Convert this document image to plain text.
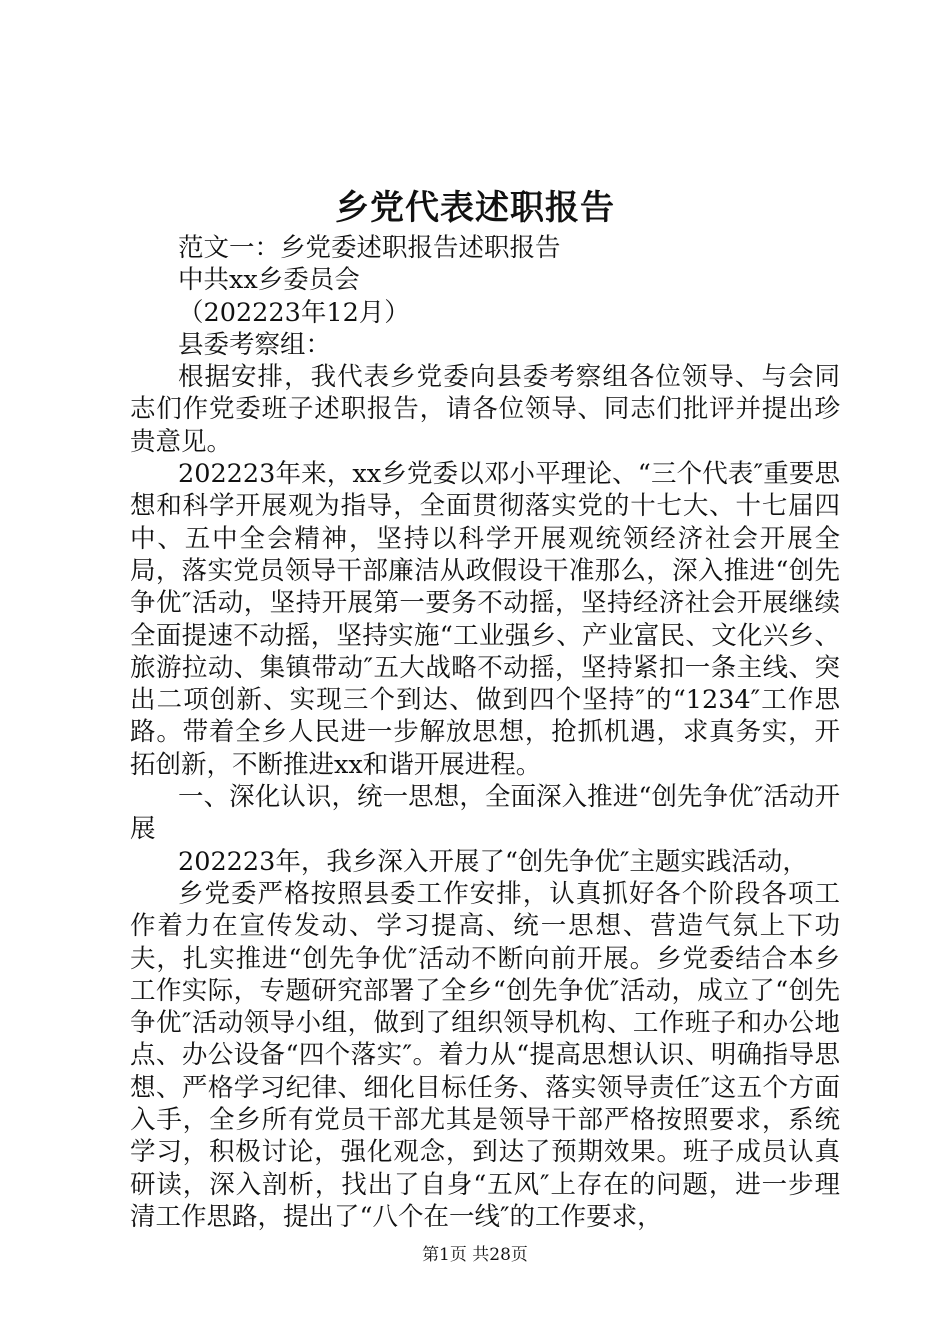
乡党代表述职报告

范文一：乡党委述职报告述职报告

中共xx乡委员会

（202223年12月）

县委考察组：

根据安排，我代表乡党委向县委考察组各位领导、与会同志们作党委班子述职报告，请各位领导、同志们批评并提出珍贵意见。

202223年来，xx乡党委以邓小平理论、“三个代表″重要思想和科学开展观为指导，全面贯彻落实党的十七大、十七届四中、五中全会精神，坚持以科学开展观统领经济社会开展全局，落实党员领导干部廉洁从政假设干准那么，深入推进“创先争优″活动，坚持开展第一要务不动摇，坚持经济社会开展继续全面提速不动摇，坚持实施“工业强乡、产业富民、文化兴乡、旅游拉动、集镇带动″五大战略不动摇，坚持紧扣一条主线、突出二项创新、实现三个到达、做到四个坚持″的“1234″工作思路。带着全乡人民进一步解放思想，抢抓机遇，求真务实，开拓创新，不断推进xx和谐开展进程。

一、深化认识，统一思想，全面深入推进“创先争优″活动开展

202223年，我乡深入开展了“创先争优″主题实践活动，

乡党委严格按照县委工作安排，认真抓好各个阶段各项工作着力在宣传发动、学习提高、统一思想、营造气氛上下功夫，扎实推进“创先争优″活动不断向前开展。乡党委结合本乡工作实际，专题研究部署了全乡“创先争优″活动，成立了“创先争优″活动领导小组，做到了组织领导机构、工作班子和办公地点、办公设备“四个落实″。着力从“提高思想认识、明确指导思想、严格学习纪律、细化目标任务、落实领导责任″这五个方面入手，全乡所有党员干部尤其是领导干部严格按照要求，系统学习，积极讨论，强化观念，到达了预期效果。班子成员认真研读，深入剖析，找出了自身“五风″上存在的问题，进一步理清工作思路，提出了“八个在一线″的工作要求，

第1页 共28页
